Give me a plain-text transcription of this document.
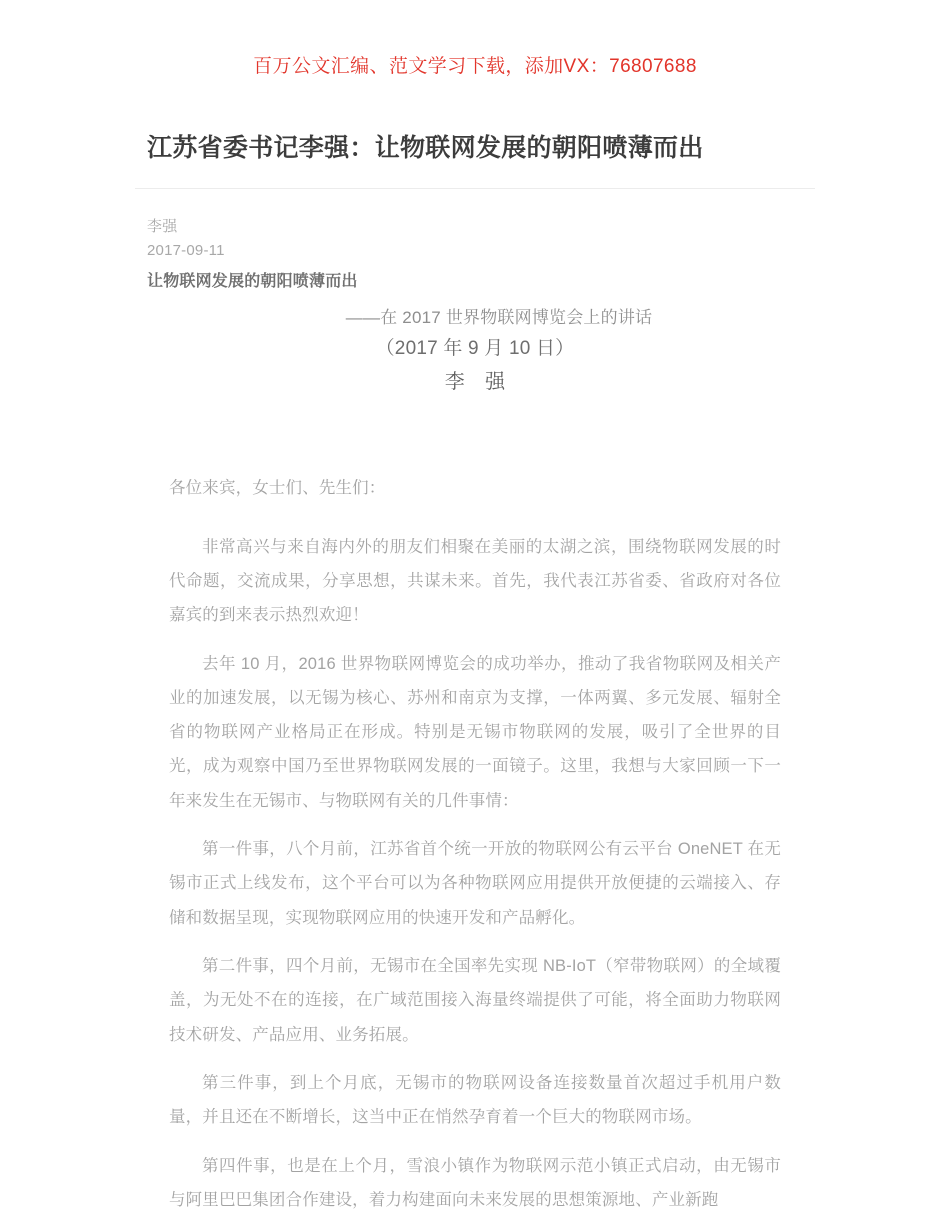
百万公文汇编、范文学习下载，添加VX：76807688
江苏省委书记李强：让物联网发展的朝阳喷薄而出
李强
2017-09-11
让物联网发展的朝阳喷薄而出
——在 2017 世界物联网博览会上的讲话
（2017 年 9 月 10 日）
李　强

各位来宾，女士们、先生们：

非常高兴与来自海内外的朋友们相聚在美丽的太湖之滨，围绕物联网发展的时代命题，交流成果，分享思想，共谋未来。首先，我代表江苏省委、省政府对各位嘉宾的到来表示热烈欢迎！

去年 10 月，2016 世界物联网博览会的成功举办，推动了我省物联网及相关产业的加速发展，以无锡为核心、苏州和南京为支撑，一体两翼、多元发展、辐射全省的物联网产业格局正在形成。特别是无锡市物联网的发展，吸引了全世界的目光，成为观察中国乃至世界物联网发展的一面镜子。这里，我想与大家回顾一下一年来发生在无锡市、与物联网有关的几件事情：

第一件事，八个月前，江苏省首个统一开放的物联网公有云平台 OneNET 在无锡市正式上线发布，这个平台可以为各种物联网应用提供开放便捷的云端接入、存储和数据呈现，实现物联网应用的快速开发和产品孵化。

第二件事，四个月前，无锡市在全国率先实现 NB-IoT（窄带物联网）的全域覆盖，为无处不在的连接，在广域范围接入海量终端提供了可能，将全面助力物联网技术研发、产品应用、业务拓展。

第三件事，到上个月底，无锡市的物联网设备连接数量首次超过手机用户数量，并且还在不断增长，这当中正在悄然孕育着一个巨大的物联网市场。

第四件事，也是在上个月，雪浪小镇作为物联网示范小镇正式启动，由无锡市与阿里巴巴集团合作建设，着力构建面向未来发展的思想策源地、产业新跑
